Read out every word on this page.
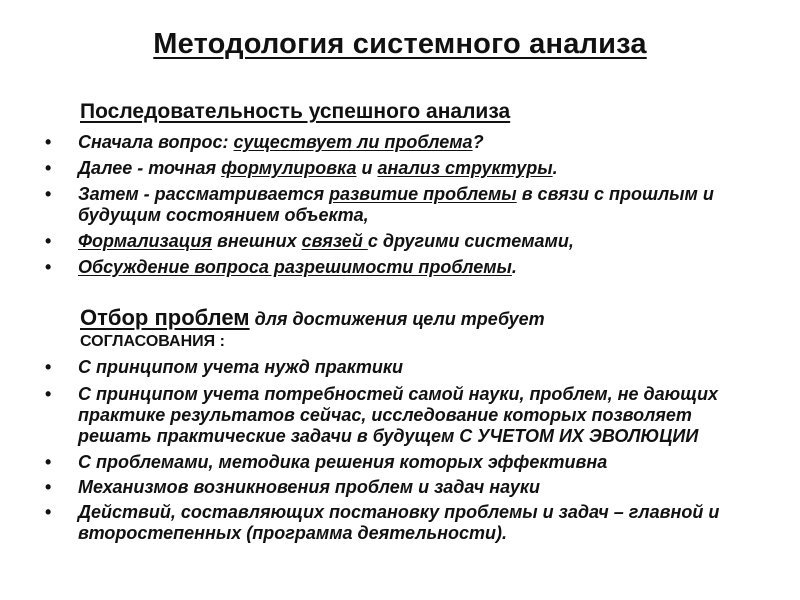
Методология системного анализа
Последовательность успешного анализа
• Сначала вопрос: существует ли проблема?
• Далее - точная формулировка и анализ структуры.
• Затем - рассматривается развитие проблемы в связи с прошлым и будущим состоянием объекта,
• Формализация внешних связей с другими системами,
• Обсуждение вопроса разрешимости проблемы.

Отбор проблем для достижения цели требует
СОГЛАСОВАНИЯ :

• С принципом учета нужд практики
• С принципом учета потребностей самой науки, проблем, не дающих практике результатов сейчас, исследование которых позволяет решать практические задачи в будущем С УЧЕТОМ ИХ ЭВОЛЮЦИИ
• С проблемами, методика решения которых эффективна
• Механизмов возникновения проблем и задач науки
• Действий, составляющих постановку проблемы и задач – главной и второстепенных (программа деятельности).
